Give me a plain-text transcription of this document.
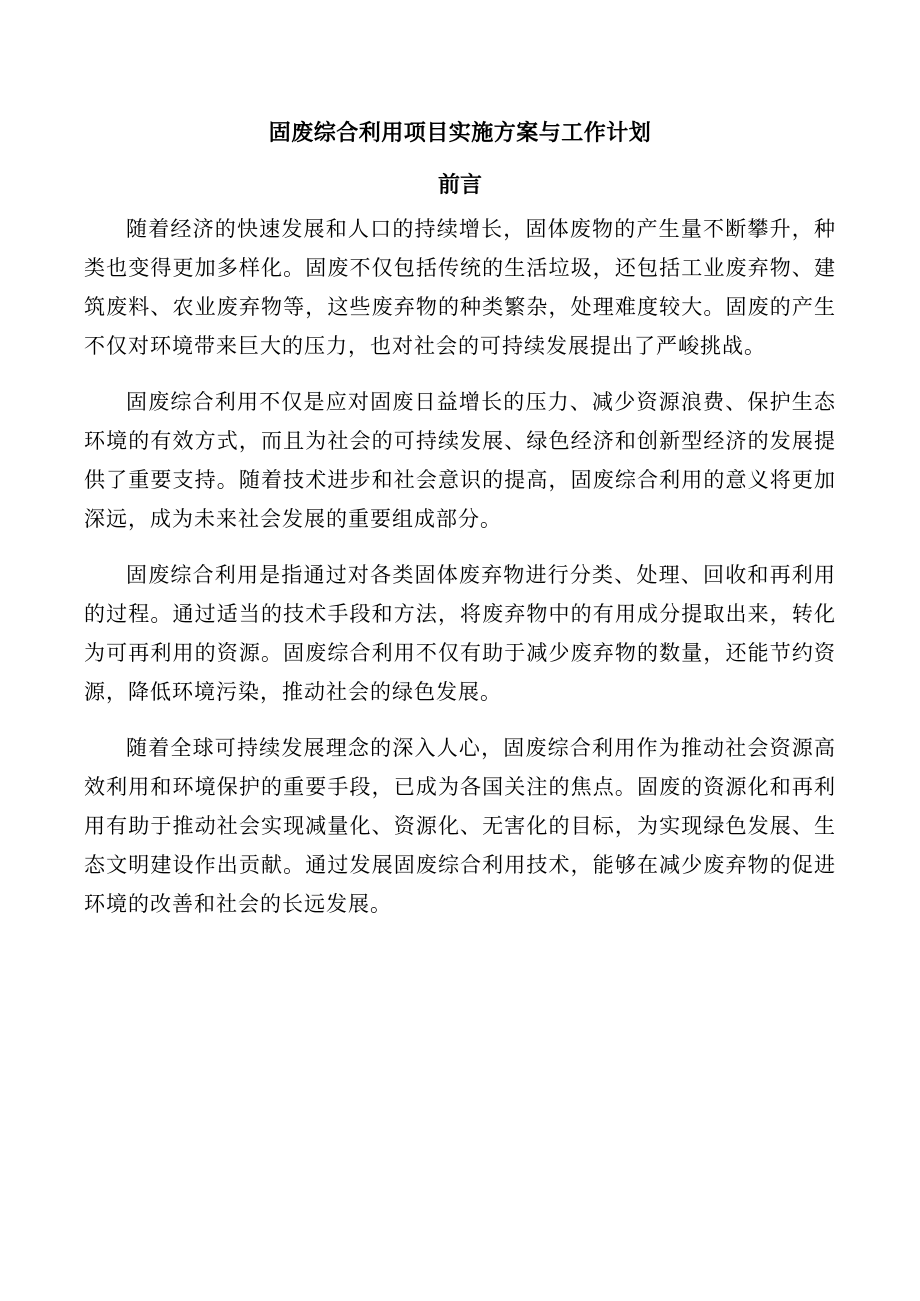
固废综合利用项目实施方案与工作计划
前言

随着经济的快速发展和人口的持续增长，固体废物的产生量不断攀升，种类也变得更加多样化。固废不仅包括传统的生活垃圾，还包括工业废弃物、建筑废料、农业废弃物等，这些废弃物的种类繁杂，处理难度较大。固废的产生不仅对环境带来巨大的压力，也对社会的可持续发展提出了严峻挑战。

固废综合利用不仅是应对固废日益增长的压力、减少资源浪费、保护生态环境的有效方式，而且为社会的可持续发展、绿色经济和创新型经济的发展提供了重要支持。随着技术进步和社会意识的提高，固废综合利用的意义将更加深远，成为未来社会发展的重要组成部分。

固废综合利用是指通过对各类固体废弃物进行分类、处理、回收和再利用的过程。通过适当的技术手段和方法，将废弃物中的有用成分提取出来，转化为可再利用的资源。固废综合利用不仅有助于减少废弃物的数量，还能节约资源，降低环境污染，推动社会的绿色发展。

随着全球可持续发展理念的深入人心，固废综合利用作为推动社会资源高效利用和环境保护的重要手段，已成为各国关注的焦点。固废的资源化和再利用有助于推动社会实现减量化、资源化、无害化的目标，为实现绿色发展、生态文明建设作出贡献。通过发展固废综合利用技术，能够在减少废弃物的促进环境的改善和社会的长远发展。
